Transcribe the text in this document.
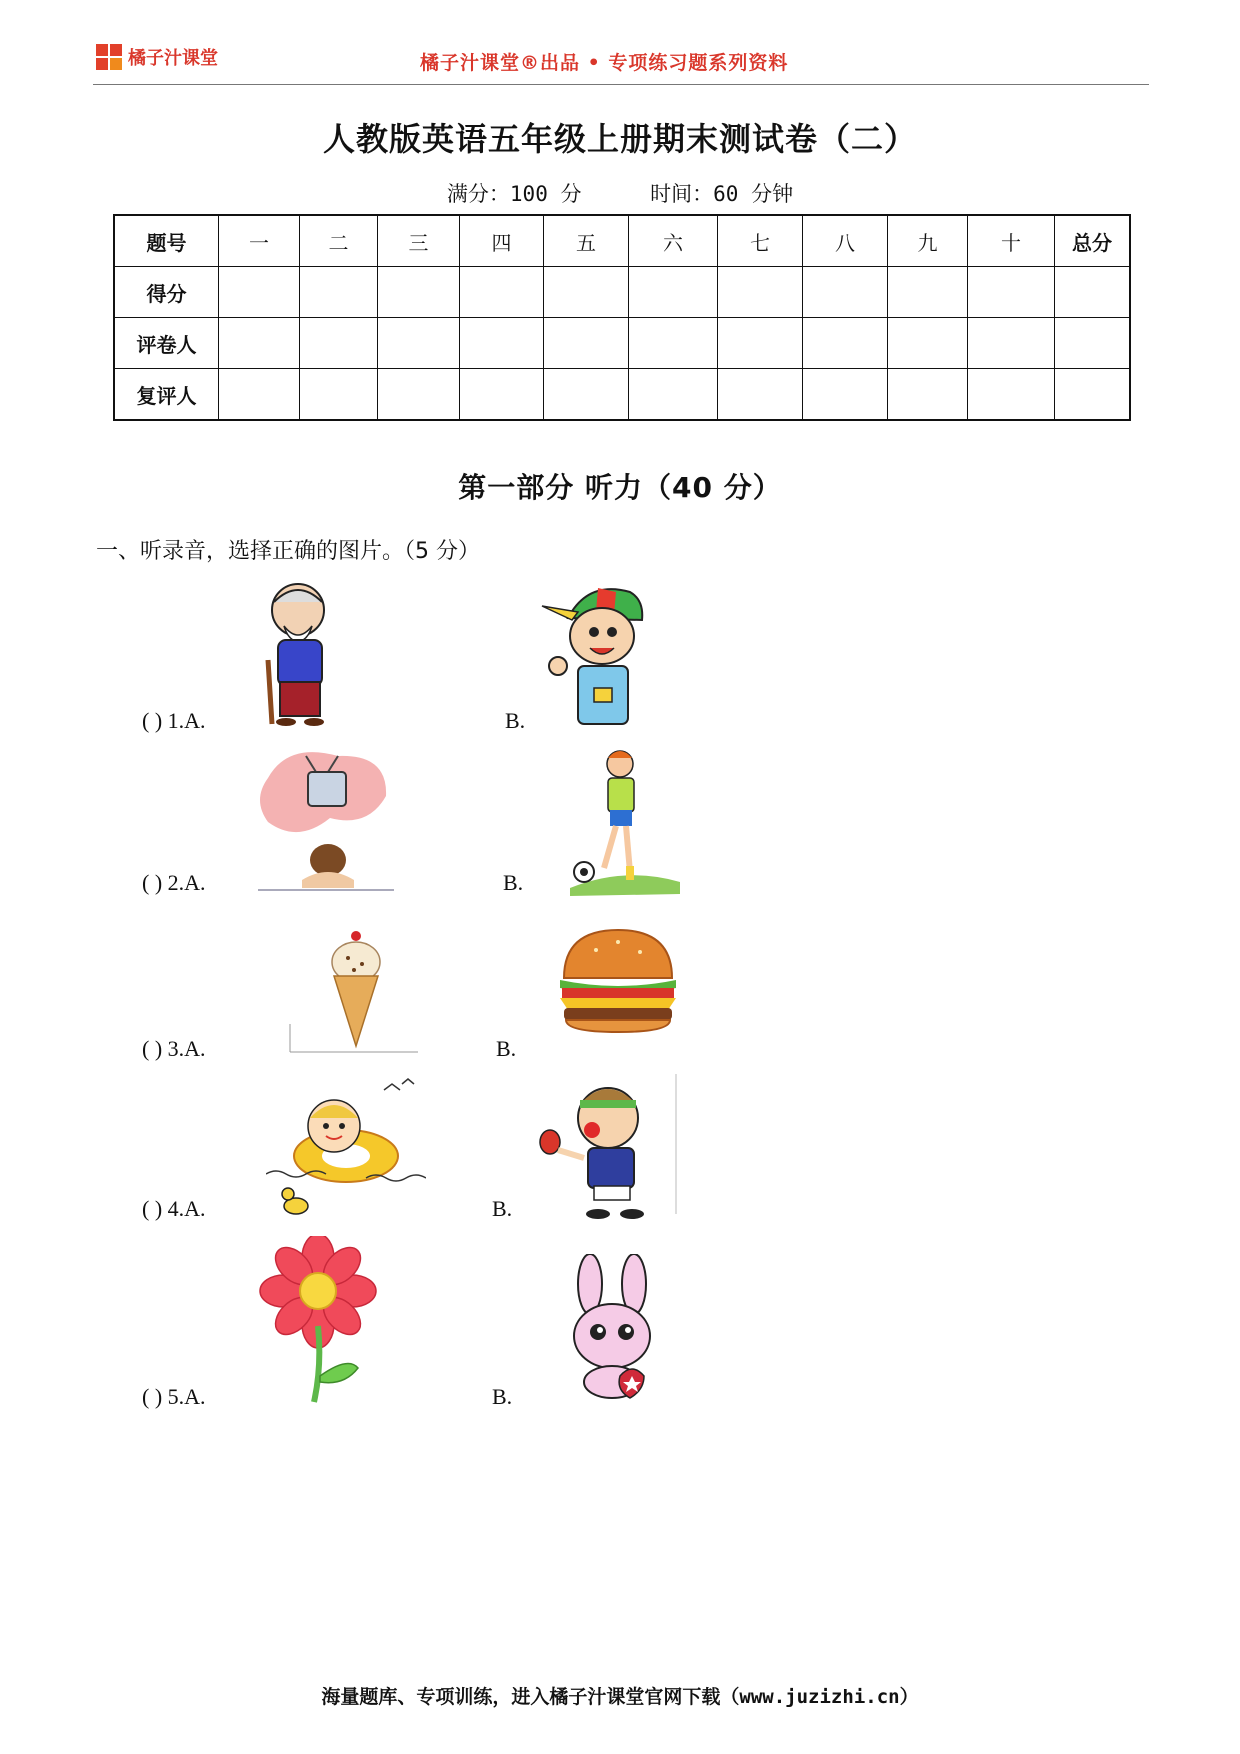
橘子汁课堂	橘子汁课堂®出品 • 专项练习题系列资料
人教版英语五年级上册期末测试卷（二）
满分：100 分	时间：60 分钟
题号	一	二	三	四	五	六	七	八	九	十	总分
得分											
评卷人											
复评人											
第一部分 听力（40 分）
一、听录音，选择正确的图片。（5 分）
( ) 1.A.	B.
( ) 2.A.	B.
( ) 3.A.	B.
( ) 4.A.	B.
( ) 5.A.	B.
海量题库、专项训练，进入橘子汁课堂官网下载（www.juzizhi.cn）
